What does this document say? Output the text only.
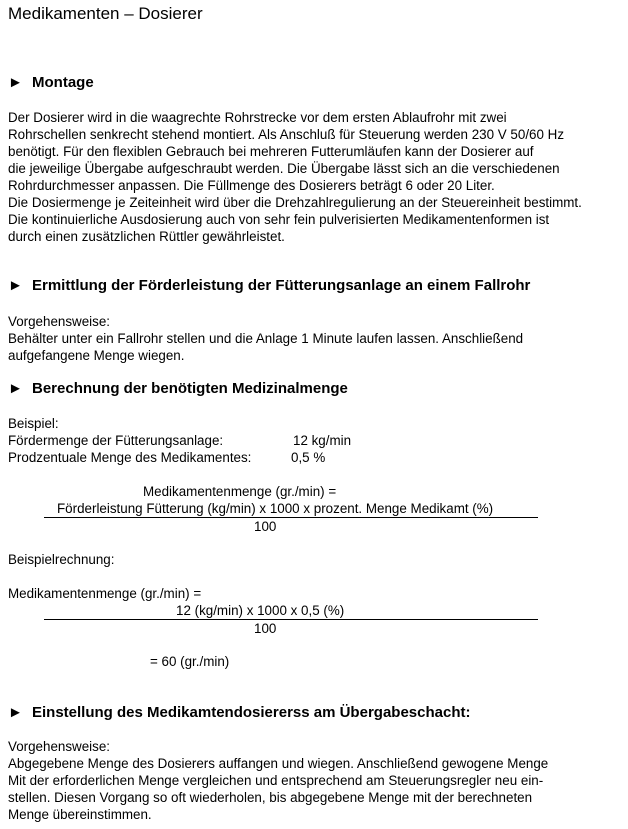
Medikamenten – Dosierer
► Montage
Der Dosierer wird in die waagrechte Rohrstrecke vor dem ersten Ablaufrohr mit zwei
Rohrschellen senkrecht stehend montiert. Als Anschluß für Steuerung werden 230 V 50/60 Hz
benötigt. Für den flexiblen Gebrauch bei mehreren Futterumläufen kann der Dosierer auf
die jeweilige Übergabe aufgeschraubt werden. Die Übergabe lässt sich an die verschiedenen
Rohrdurchmesser anpassen. Die Füllmenge des Dosierers beträgt 6 oder 20 Liter.
Die Dosiermenge je Zeiteinheit wird über die Drehzahlregulierung an der Steuereinheit bestimmt.
Die kontinuierliche Ausdosierung auch von sehr fein pulverisierten Medikamentenformen ist
durch einen zusätzlichen Rüttler gewährleistet.
► Ermittlung der Förderleistung der Fütterungsanlage an einem Fallrohr
Vorgehensweise:
Behälter unter ein Fallrohr stellen und die Anlage 1 Minute laufen lassen. Anschließend
aufgefangene Menge wiegen.
► Berechnung der benötigten Medizinalmenge
Beispiel:
Fördermenge der Fütterungsanlage:	12 kg/min
Prodzentuale Menge des Medikamentes:	0,5 %
Medikamentenmenge (gr./min) =
Förderleistung Fütterung (kg/min) x 1000 x prozent. Menge Medikamt (%)
100
Beispielrechnung:
Medikamentenmenge (gr./min) =
12 (kg/min) x 1000 x 0,5 (%)
100
= 60 (gr./min)
► Einstellung des Medikamtendosiererss am Übergabeschacht:
Vorgehensweise:
Abgegebene Menge des Dosierers auffangen und wiegen. Anschließend gewogene Menge
Mit der erforderlichen Menge vergleichen und entsprechend am Steuerungsregler neu ein-
stellen. Diesen Vorgang so oft wiederholen, bis abgegebene Menge mit der berechneten
Menge übereinstimmen.
